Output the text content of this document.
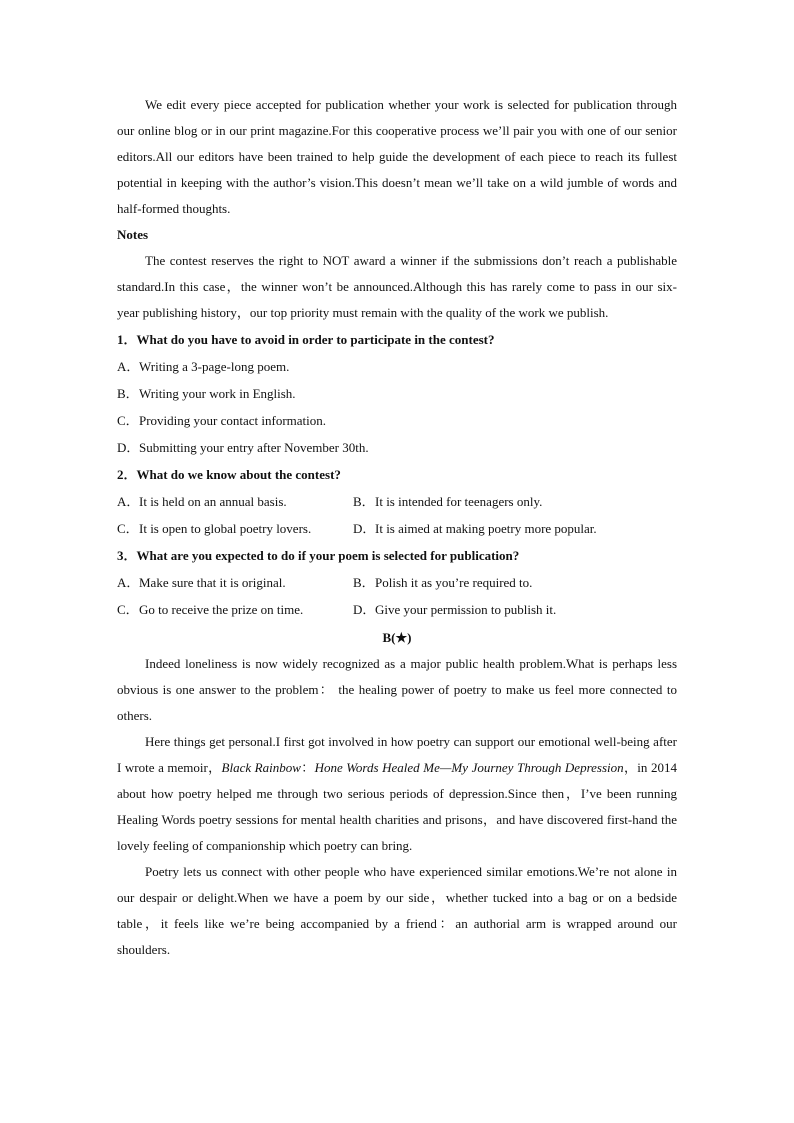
We edit every piece accepted for publication whether your work is selected for publication through our online blog or in our print magazine.For this cooperative process we’ll pair you with one of our senior editors.All our editors have been trained to help guide the development of each piece to reach its fullest potential in keeping with the author’s vision.This doesn’t mean we’ll take on a wild jumble of words and half-formed thoughts.

Notes

The contest reserves the right to NOT award a winner if the submissions don’t reach a publishable standard.In this case，the winner won’t be announced.Although this has rarely come to pass in our six-year publishing history，our top priority must remain with the quality of the work we publish.

1．What do you have to avoid in order to participate in the contest?

A．Writing a 3-page-long poem.
B．Writing your work in English.
C．Providing your contact information.
D．Submitting your entry after November 30th.

2．What do we know about the contest?

A．It is held on an annual basis.	B．It is intended for teenagers only.
C．It is open to global poetry lovers.	D．It is aimed at making poetry more popular.

3．What are you expected to do if your poem is selected for publication?

A．Make sure that it is original.	B．Polish it as you’re required to.
C．Go to receive the prize on time.	D．Give your permission to publish it.

B(★)

Indeed loneliness is now widely recognized as a major public health problem.What is perhaps less obvious is one answer to the problem： the healing power of poetry to make us feel more connected to others.

Here things get personal.I first got involved in how poetry can support our emotional well-being after I wrote a memoir，Black Rainbow：Hone Words Healed Me—My Journey Through Depression，in 2014 about how poetry helped me through two serious periods of depression.Since then，I’ve been running Healing Words poetry sessions for mental health charities and prisons，and have discovered first-hand the lovely feeling of companionship which poetry can bring.

Poetry lets us connect with other people who have experienced similar emotions.We’re not alone in our despair or delight.When we have a poem by our side，whether tucked into a bag or on a bedside table，it feels like we’re being accompanied by a friend：an authorial arm is wrapped around our shoulders.
